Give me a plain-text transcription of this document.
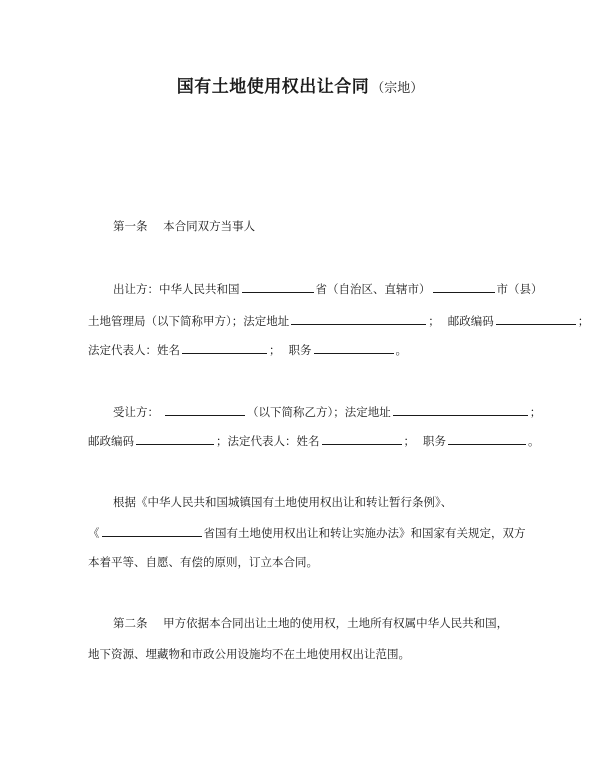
国有土地使用权出让合同 （宗地）
第一条 本合同双方当事人
出让方：中华人民共和国	省（自治区、直辖市）	市（县）
土地管理局（以下简称甲方）；法定地址	； 邮政编码	；
法定代表人：姓名	； 职务	。
受让方：	（以下简称乙方）；法定地址	；
邮政编码	；法定代表人：姓名	； 职务	。
根据《中华人民共和国城镇国有土地使用权出让和转让暂行条例》、
《	省国有土地使用权出让和转让实施办法》和国家有关规定，双方
本着平等、自愿、有偿的原则，订立本合同。
第二条 甲方依据本合同出让土地的使用权，土地所有权属中华人民共和国，
地下资源、埋藏物和市政公用设施均不在土地使用权出让范围。
